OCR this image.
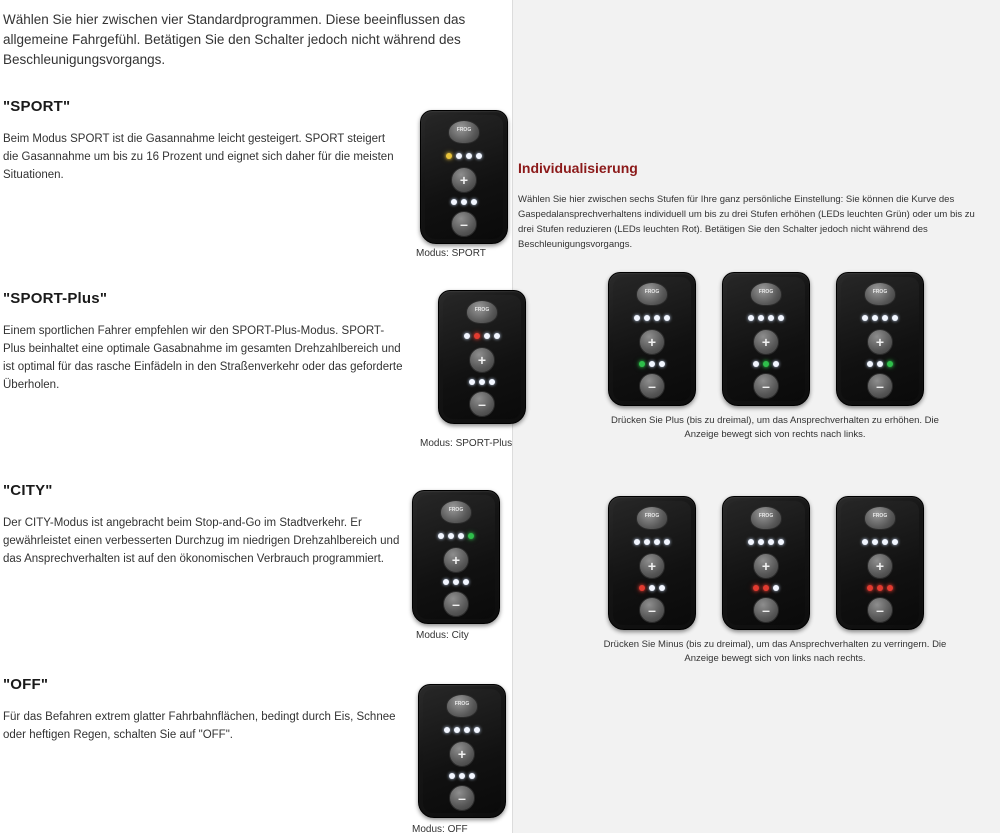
Wählen Sie hier zwischen vier Standardprogrammen. Diese beeinflussen das allgemeine Fahrgefühl. Betätigen Sie den Schalter jedoch nicht während des Beschleunigungsvorgangs.
"SPORT"
Beim Modus SPORT ist die Gasannahme leicht gesteigert. SPORT steigert die Gasannahme um bis zu 16 Prozent und eignet sich daher für die meisten Situationen.
"SPORT-Plus"
Einem sportlichen Fahrer empfehlen wir den SPORT-Plus-Modus. SPORT-Plus beinhaltet eine optimale Gasabnahme im gesamten Drehzahlbereich und ist optimal für das rasche Einfädeln in den Straßenverkehr oder das geforderte Überholen.
"CITY"
Der CITY-Modus ist angebracht beim Stop-and-Go im Stadtverkehr. Er gewährleistet einen verbesserten Durchzug im niedrigen Drehzahlbereich und das Ansprechverhalten ist auf den ökonomischen Verbrauch programmiert.
"OFF"
Für das Befahren extrem glatter Fahrbahnflächen, bedingt durch Eis, Schnee oder heftigen Regen, schalten Sie auf "OFF".
Individualisierung
Wählen Sie hier zwischen sechs Stufen für Ihre ganz persönliche Einstellung: Sie können die Kurve des Gaspedalansprechverhaltens individuell um bis zu drei Stufen erhöhen (LEDs leuchten Grün) oder um bis zu drei Stufen reduzieren (LEDs leuchten Rot). Betätigen Sie den Schalter jedoch nicht während des Beschleunigungsvorgangs.
Drücken Sie Plus (bis zu dreimal), um das Ansprechverhalten zu erhöhen. Die Anzeige bewegt sich von rechts nach links.
Drücken Sie Minus (bis zu dreimal), um das Ansprechverhalten zu verringern. Die Anzeige bewegt sich von links nach rechts.
FROG
+
–
Modus: SPORT
FROG
+
–
Modus: SPORT-Plus
FROG
+
–
Modus: City
FROG
+
–
Modus: OFF
FROG
+
–
FROG
+
–
FROG
+
–
FROG
+
–
FROG
+
–
FROG
+
–
